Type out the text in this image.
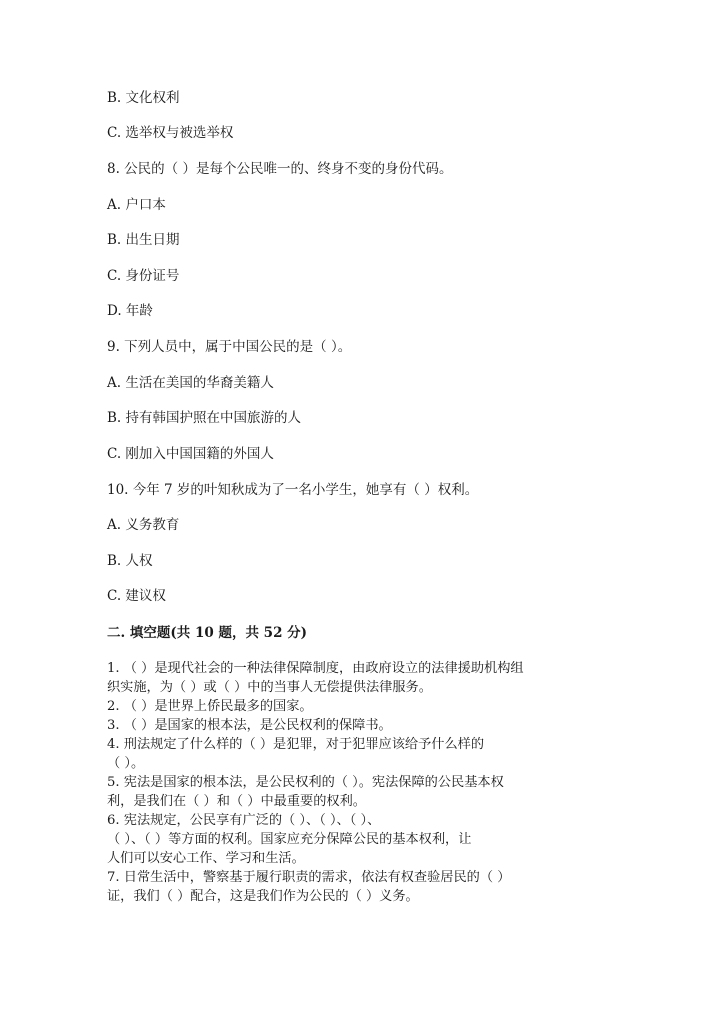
B. 文化权利
C. 选举权与被选举权
8. 公民的（ ）是每个公民唯一的、终身不变的身份代码。
A. 户口本
B. 出生日期
C. 身份证号
D. 年龄
9. 下列人员中，属于中国公民的是（ ）。
A. 生活在美国的华裔美籍人
B. 持有韩国护照在中国旅游的人
C. 刚加入中国国籍的外国人
10. 今年 7 岁的叶知秋成为了一名小学生，她享有（ ）权利。
A. 义务教育
B. 人权
C. 建议权
二. 填空题(共 10 题，共 52 分)
1. （ ）是现代社会的一种法律保障制度，由政府设立的法律援助机构组
织实施，为（ ）或（ ）中的当事人无偿提供法律服务。
2. （ ）是世界上侨民最多的国家。
3. （ ）是国家的根本法，是公民权利的保障书。
4. 刑法规定了什么样的（ ）是犯罪，对于犯罪应该给予什么样的
（ ）。
5. 宪法是国家的根本法，是公民权利的（ ）。宪法保障的公民基本权
利，是我们在（ ）和（ ）中最重要的权利。
6. 宪法规定，公民享有广泛的（ ）、（ ）、（ ）、
（ ）、（ ）等方面的权利。国家应充分保障公民的基本权利，让
人们可以安心工作、学习和生活。
7. 日常生活中，警察基于履行职责的需求，依法有权查验居民的（ ）
证，我们（ ）配合，这是我们作为公民的（ ）义务。
